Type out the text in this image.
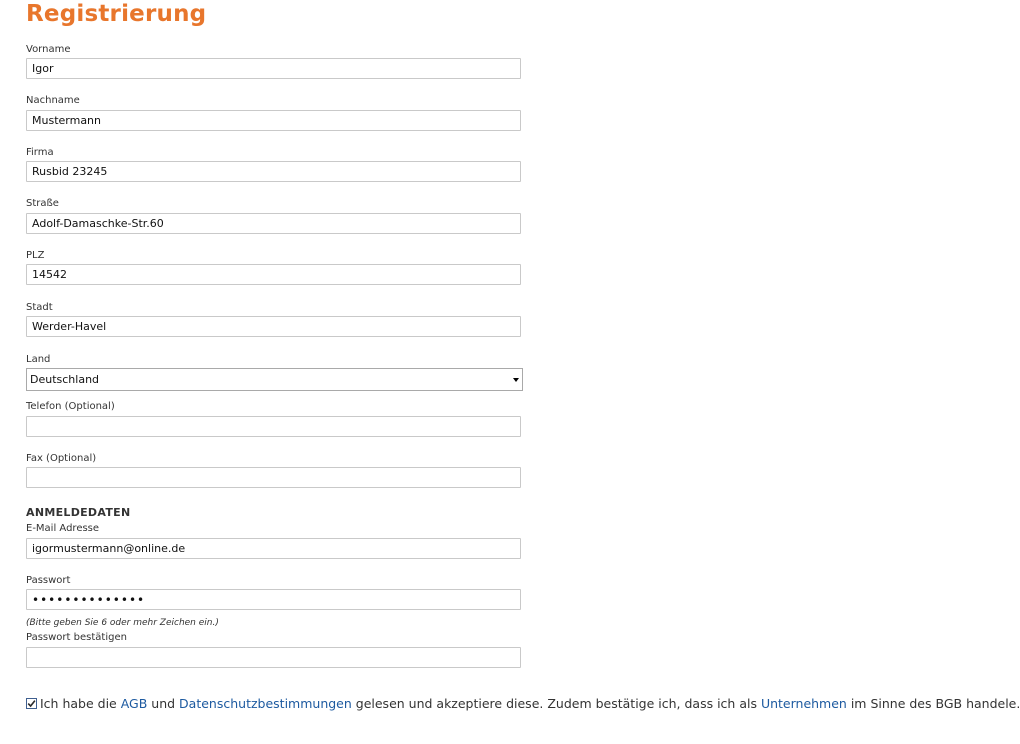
Registrierung
Vorname
Igor
Nachname
Mustermann
Firma
Rusbid 23245
Straße
Adolf-Damaschke-Str.60
PLZ
14542
Stadt
Werder-Havel
Land
Deutschland
Telefon (Optional)
Fax (Optional)
ANMELDEDATEN
E-Mail Adresse
igormustermann@online.de
Passwort
••••••••••••••
(Bitte geben Sie 6 oder mehr Zeichen ein.)
Passwort bestätigen

Ich habe die AGB und Datenschutzbestimmungen gelesen und akzeptiere diese. Zudem bestätige ich, dass ich als Unternehmen im Sinne des BGB handele.
